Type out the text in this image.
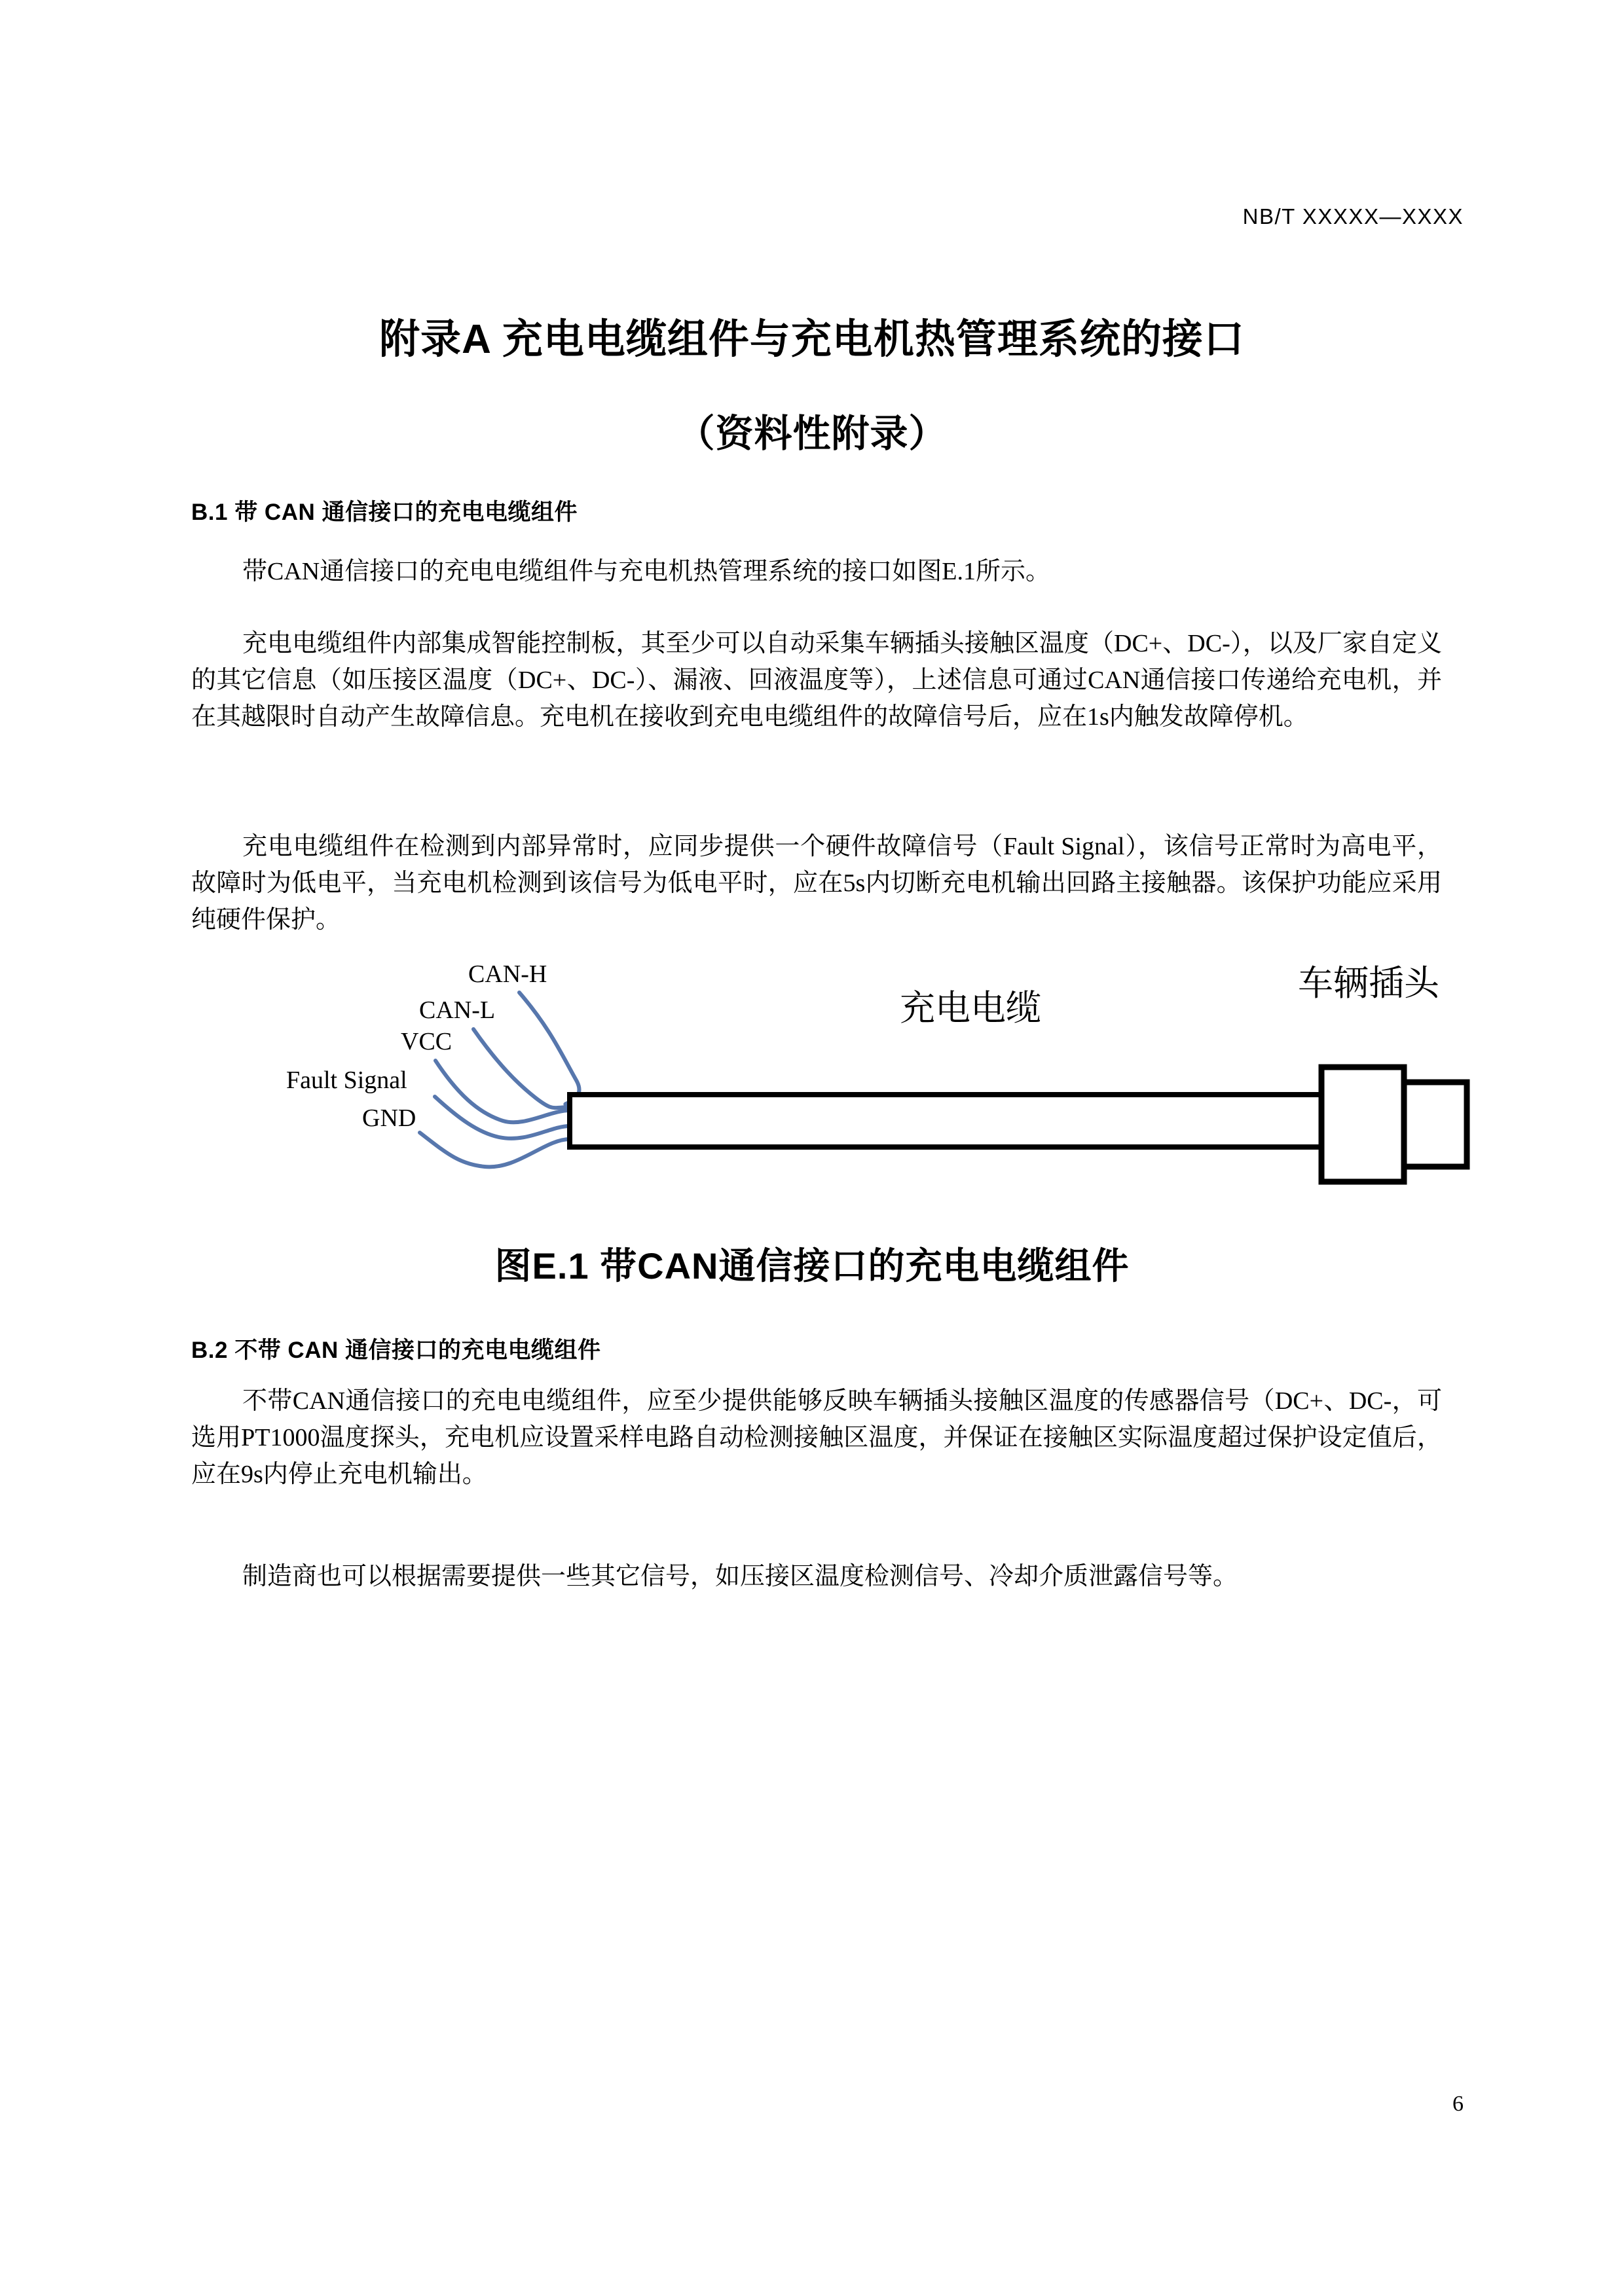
NB/T XXXXX—XXXX
附录A 充电电缆组件与充电机热管理系统的接口
（资料性附录）
B.1 带 CAN 通信接口的充电电缆组件
带CAN通信接口的充电电缆组件与充电机热管理系统的接口如图E.1所示。
充电电缆组件内部集成智能控制板，其至少可以自动采集车辆插头接触区温度（DC+、DC-），以及厂家自定义的其它信息（如压接区温度（DC+、DC-）、漏液、回液温度等），上述信息可通过CAN通信接口传递给充电机，并在其越限时自动产生故障信息。充电机在接收到充电电缆组件的故障信号后，应在1s内触发故障停机。
充电电缆组件在检测到内部异常时，应同步提供一个硬件故障信号（Fault Signal），该信号正常时为高电平，故障时为低电平，当充电机检测到该信号为低电平时，应在5s内切断充电机输出回路主接触器。该保护功能应采用纯硬件保护。
CAN-H
CAN-L
VCC
Fault Signal
GND
充电电缆
车辆插头
图E.1 带CAN通信接口的充电电缆组件
B.2 不带 CAN 通信接口的充电电缆组件
不带CAN通信接口的充电电缆组件，应至少提供能够反映车辆插头接触区温度的传感器信号（DC+、DC-，可选用PT1000温度探头，充电机应设置采样电路自动检测接触区温度，并保证在接触区实际温度超过保护设定值后，应在9s内停止充电机输出。
制造商也可以根据需要提供一些其它信号，如压接区温度检测信号、冷却介质泄露信号等。
6
